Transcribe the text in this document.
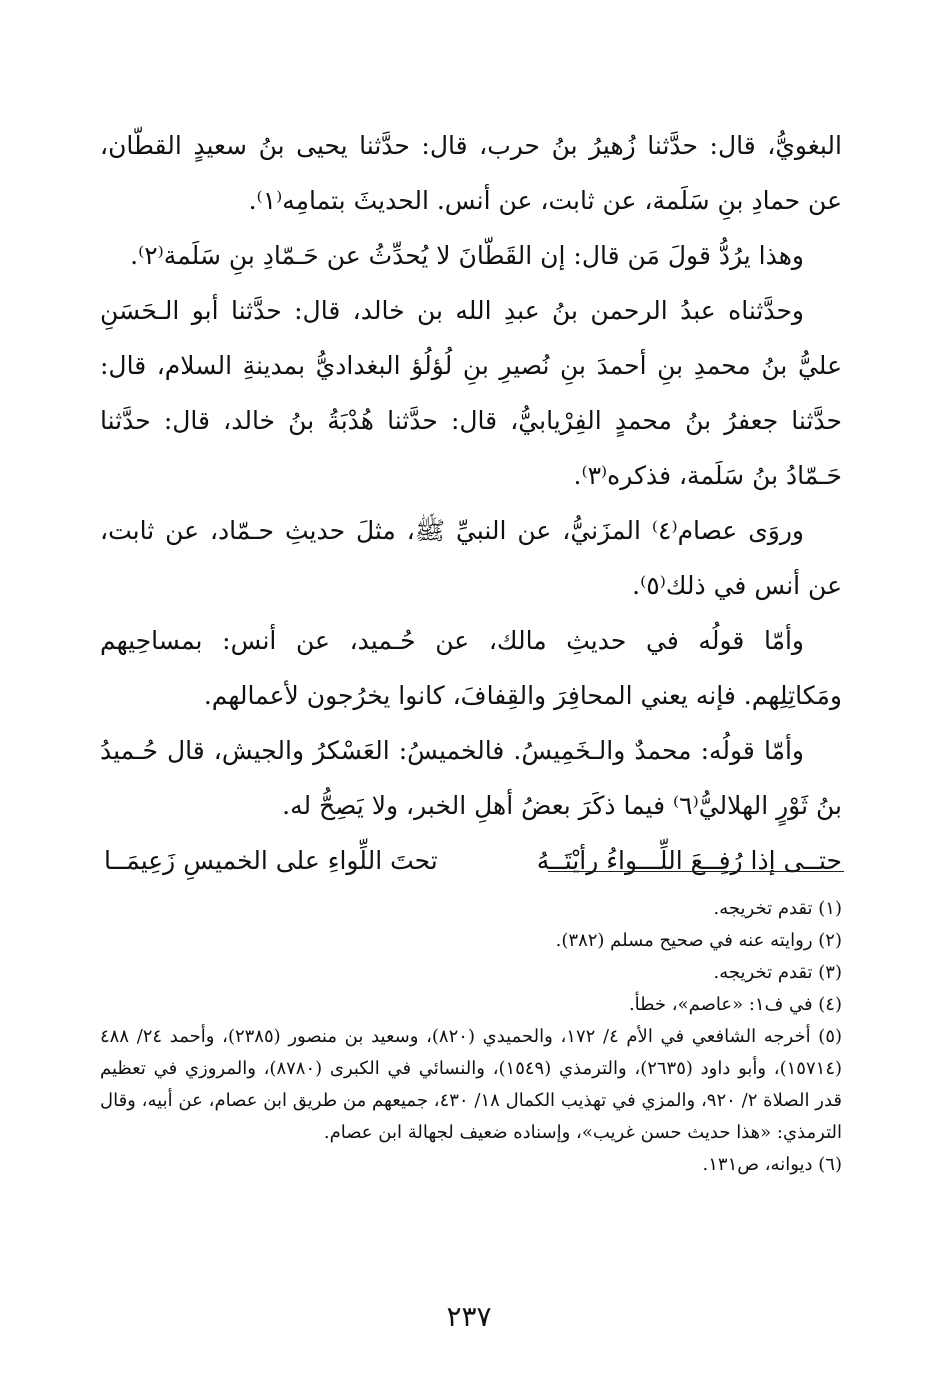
البغويُّ، قال: حدَّثنا زُهيرُ بنُ حرب، قال: حدَّثنا يحيى بنُ سعيدٍ القطّان، عن حمادِ بنِ سَلَمة، عن ثابت، عن أنس. الحديثَ بتمامِه⁽١⁾.

وهذا يرُدُّ قولَ مَن قال: إن القَطّانَ لا يُحدِّثُ عن حَـمّادِ بنِ سَلَمة⁽٢⁾.

وحدَّثناه عبدُ الرحمن بنُ عبدِ الله بن خالد، قال: حدَّثنا أبو الـحَسَنِ عليُّ بنُ محمدِ بنِ أحمدَ بنِ نُصيرِ بنِ لُؤلُؤ البغداديُّ بمدينةِ السلام، قال: حدَّثنا جعفرُ بنُ محمدٍ الفِرْيابيُّ، قال: حدَّثنا هُدْبَةُ بنُ خالد، قال: حدَّثنا حَـمّادُ بنُ سَلَمة، فذكره⁽٣⁾.

وروَى عصام⁽٤⁾ المزَنيُّ، عن النبيِّ ﷺ، مثلَ حديثِ حـمّاد، عن ثابت، عن أنس في ذلك⁽٥⁾.

وأمّا قولُه في حديثِ مالك، عن حُـميد، عن أنس: بمساحِيهم ومَكاتِلِهم. فإنه يعني المحافِرَ والقِفافَ، كانوا يخرُجون لأعمالهم.

وأمّا قولُه: محمدٌ والـخَمِيسُ. فالخميسُ: العَسْكرُ والجيش، قال حُـميدُ بنُ ثَوْرٍ الهلاليُّ⁽٦⁾ فيما ذكَرَ بعضُ أهلِ الخبر، ولا يَصِحُّ له.

حتــى إذا رُفِــعَ اللِّـــواءُ رأيْتَــهُ
تحتَ اللِّواءِ على الخميسِ زَعِيمَــا

(١) تقدم تخريجه.

(٢) روايته عنه في صحيح مسلم (٣٨٢).

(٣) تقدم تخريجه.

(٤) في ف١: «عاصم»، خطأ.

(٥) أخرجه الشافعي في الأم ٤/ ١٧٢، والحميدي (٨٢٠)، وسعيد بن منصور (٢٣٨٥)، وأحمد ٢٤/ ٤٨٨ (١٥٧١٤)، وأبو داود (٢٦٣٥)، والترمذي (١٥٤٩)، والنسائي في الكبرى (٨٧٨٠)، والمروزي في تعظيم قدر الصلاة ٢/ ٩٢٠، والمزي في تهذيب الكمال ١٨/ ٤٣٠، جميعهم من طريق ابن عصام، عن أبيه، وقال الترمذي: «هذا حديث حسن غريب»، وإسناده ضعيف لجهالة ابن عصام.

(٦) ديوانه، ص١٣١.

٢٣٧
